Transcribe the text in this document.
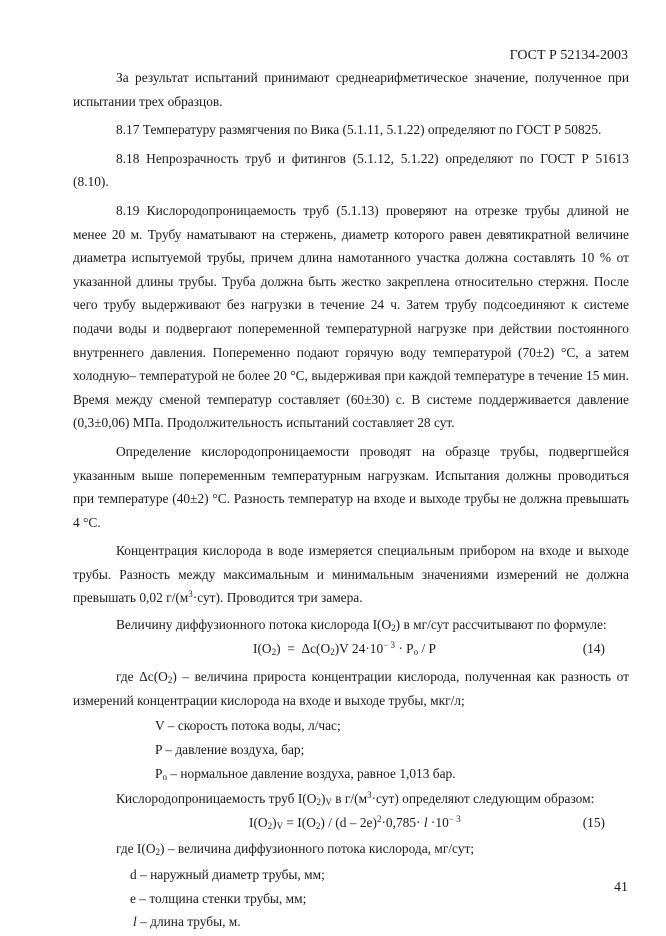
ГОСТ Р 52134-2003

За результат испытаний принимают среднеарифметическое значение, полученное при испытании трех образцов.

8.17 Температуру размягчения по Вика (5.1.11, 5.1.22) определяют по ГОСТ Р 50825.

8.18 Непрозрачность труб и фитингов (5.1.12, 5.1.22) определяют по ГОСТ Р 51613 (8.10).

8.19 Кислородопроницаемость труб (5.1.13) проверяют на отрезке трубы длиной не менее 20 м. Трубу наматывают на стержень, диаметр которого равен девятикратной величине диаметра испытуемой трубы, причем длина намотанного участка должна составлять 10 % от указанной длины трубы. Труба должна быть жестко закреплена относительно стержня. После чего трубу выдерживают без нагрузки в течение 24 ч. Затем трубу подсоединяют к системе подачи воды и подвергают попеременной температурной нагрузке при действии постоянного внутреннего давления. Попеременно подают горячую воду температурой (70±2) °С, а затем холодную– температурой не более 20 °С, выдерживая при каждой температуре в течение 15 мин. Время между сменой температур составляет (60±30) с. В системе поддерживается давление (0,3±0,06) МПа. Продолжительность испытаний составляет 28 сут.

Определение кислородопроницаемости проводят на образце трубы, подвергшейся указанным выше попеременным температурным нагрузкам. Испытания должны проводиться при температуре (40±2) °С. Разность температур на входе и выходе трубы не должна превышать 4 °С.

Концентрация кислорода в воде измеряется специальным прибором на входе и выходе трубы. Разность между максимальным и минимальным значениями измерений не должна превышать 0,02 $г/(м^3\cdot сут)$. Проводится три замера.

Величину диффузионного потока кислорода $I(O_2)$ в мг/сут рассчитывают по формуле:

$I(O_2) = \Delta c(O_2)V$ $24\cdot 10^{- 3} \cdot P_o / P$	(14)

где $\Delta c(O_2)$ – величина прироста концентрации кислорода, полученная как разность от измерений концентрации кислорода на входе и выходе трубы, мкг/л;

V – скорость потока воды, л/час;
P – давление воздуха, бар;
$P_o$ – нормальное давление воздуха, равное 1,013 бар.

Кислородопроницаемость труб $I(O_2)_V$ в $г/(м^3\cdot сут)$ определяют следующим образом:

$I(O_2)_V = I(O_2) / (d - 2e)^2\cdot 0,785\cdot l \cdot 10^{- 3}$	(15)

где $I(O_2)$ – величина диффузионного потока кислорода, мг/сут;

d – наружный диаметр трубы, мм;
e – толщина стенки трубы, мм;
l – длина трубы, м.
41
